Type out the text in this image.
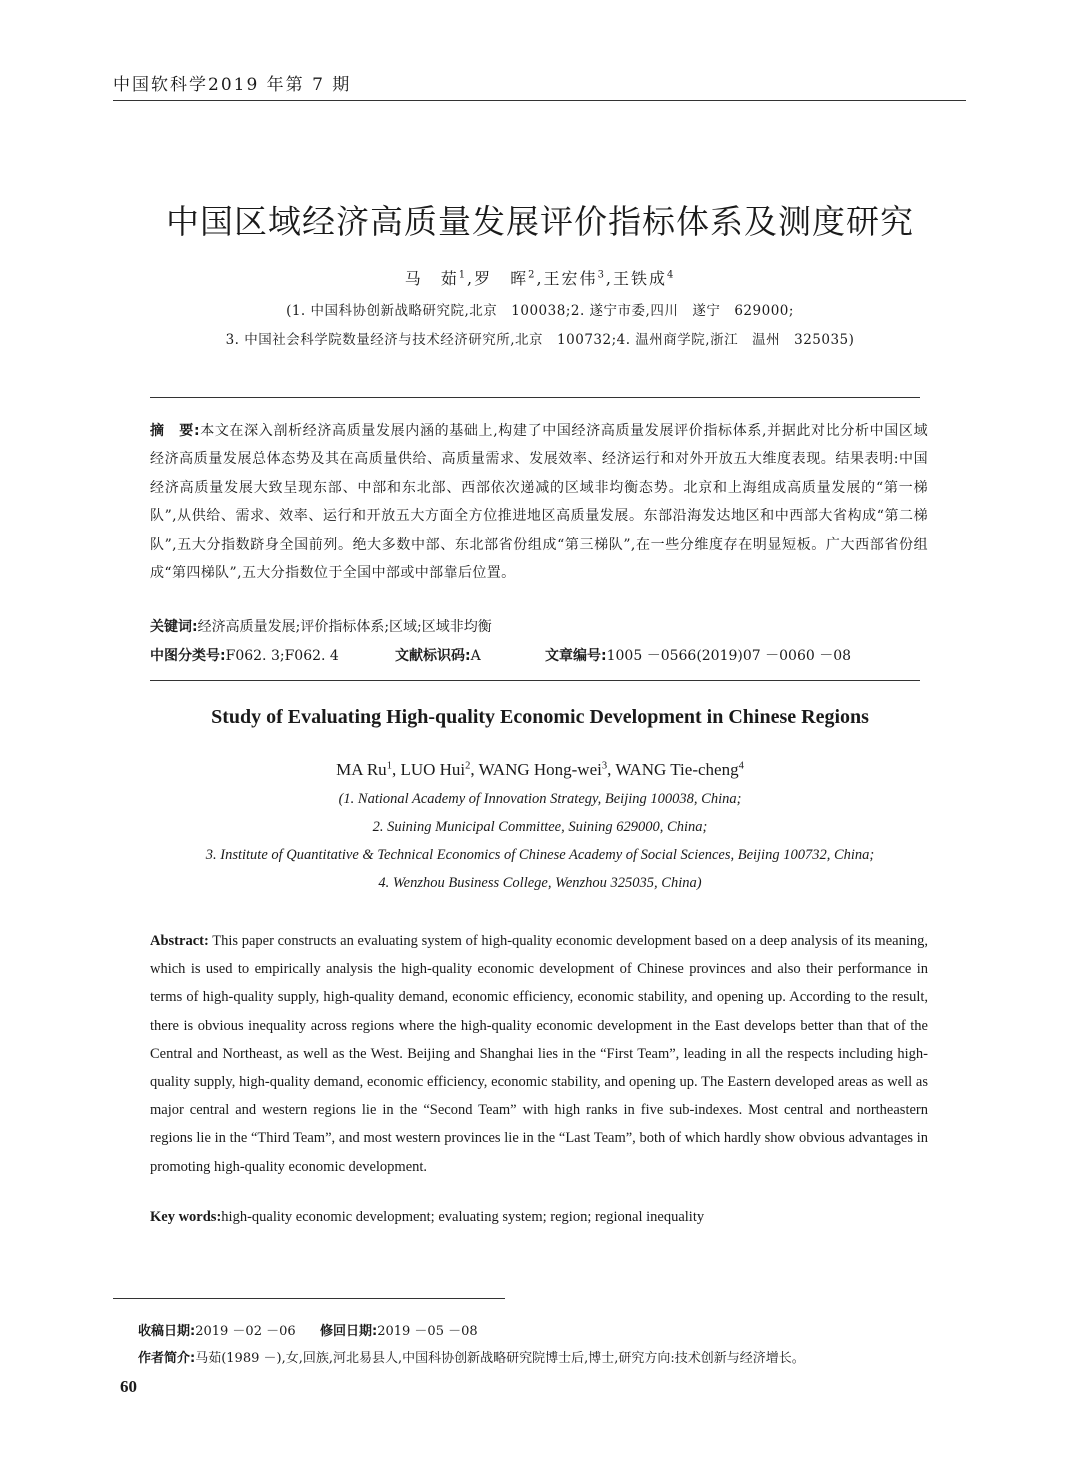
中国软科学2019 年第 7 期
中国区域经济高质量发展评价指标体系及测度研究
马　茹$^1$,罗　晖$^2$,王宏伟$^3$,王铁成$^4$
(1. 中国科协创新战略研究院,北京　100038;2. 遂宁市委,四川　遂宁　629000;
3. 中国社会科学院数量经济与技术经济研究所,北京　100732;4. 温州商学院,浙江　温州　325035)
摘　要:本文在深入剖析经济高质量发展内涵的基础上,构建了中国经济高质量发展评价指标体系,并据此对比分析中国区域经济高质量发展总体态势及其在高质量供给、高质量需求、发展效率、经济运行和对外开放五大维度表现。结果表明:中国经济高质量发展大致呈现东部、中部和东北部、西部依次递减的区域非均衡态势。北京和上海组成高质量发展的“第一梯队”,从供给、需求、效率、运行和开放五大方面全方位推进地区高质量发展。东部沿海发达地区和中西部大省构成“第二梯队”,五大分指数跻身全国前列。绝大多数中部、东北部省份组成“第三梯队”,在一些分维度存在明显短板。广大西部省份组成“第四梯队”,五大分指数位于全国中部或中部靠后位置。
关键词:经济高质量发展;评价指标体系;区域;区域非均衡
中图分类号:F062. 3;F062. 4	文献标识码:A	文章编号:1005 －0566(2019)07 －0060 －08
Study of Evaluating High-quality Economic Development in Chinese Regions
MA Ru$^1$, LUO Hui$^2$, WANG Hong-wei$^3$, WANG Tie-cheng$^4$
(1. National Academy of Innovation Strategy, Beijing 100038, China;
2. Suining Municipal Committee, Suining 629000, China;
3. Institute of Quantitative & Technical Economics of Chinese Academy of Social Sciences, Beijing 100732, China;
4. Wenzhou Business College, Wenzhou 325035, China)
Abstract: This paper constructs an evaluating system of high-quality economic development based on a deep analysis of its meaning, which is used to empirically analysis the high-quality economic development of Chinese provinces and also their performance in terms of high-quality supply, high-quality demand, economic efficiency, economic stability, and opening up. According to the result, there is obvious inequality across regions where the high-quality economic development in the East develops better than that of the Central and Northeast, as well as the West. Beijing and Shanghai lies in the “First Team”, leading in all the respects including high-quality supply, high-quality demand, economic efficiency, economic stability, and opening up. The Eastern developed areas as well as major central and western regions lie in the “Second Team” with high ranks in five sub-indexes. Most central and northeastern regions lie in the “Third Team”, and most western provinces lie in the “Last Team”, both of which hardly show obvious advantages in promoting high-quality economic development.
Key words:high-quality economic development; evaluating system; region; regional inequality
收稿日期:2019 －02 －06 修回日期:2019 －05 －08
作者简介:马茹(1989 －),女,回族,河北易县人,中国科协创新战略研究院博士后,博士,研究方向:技术创新与经济增长。
60
